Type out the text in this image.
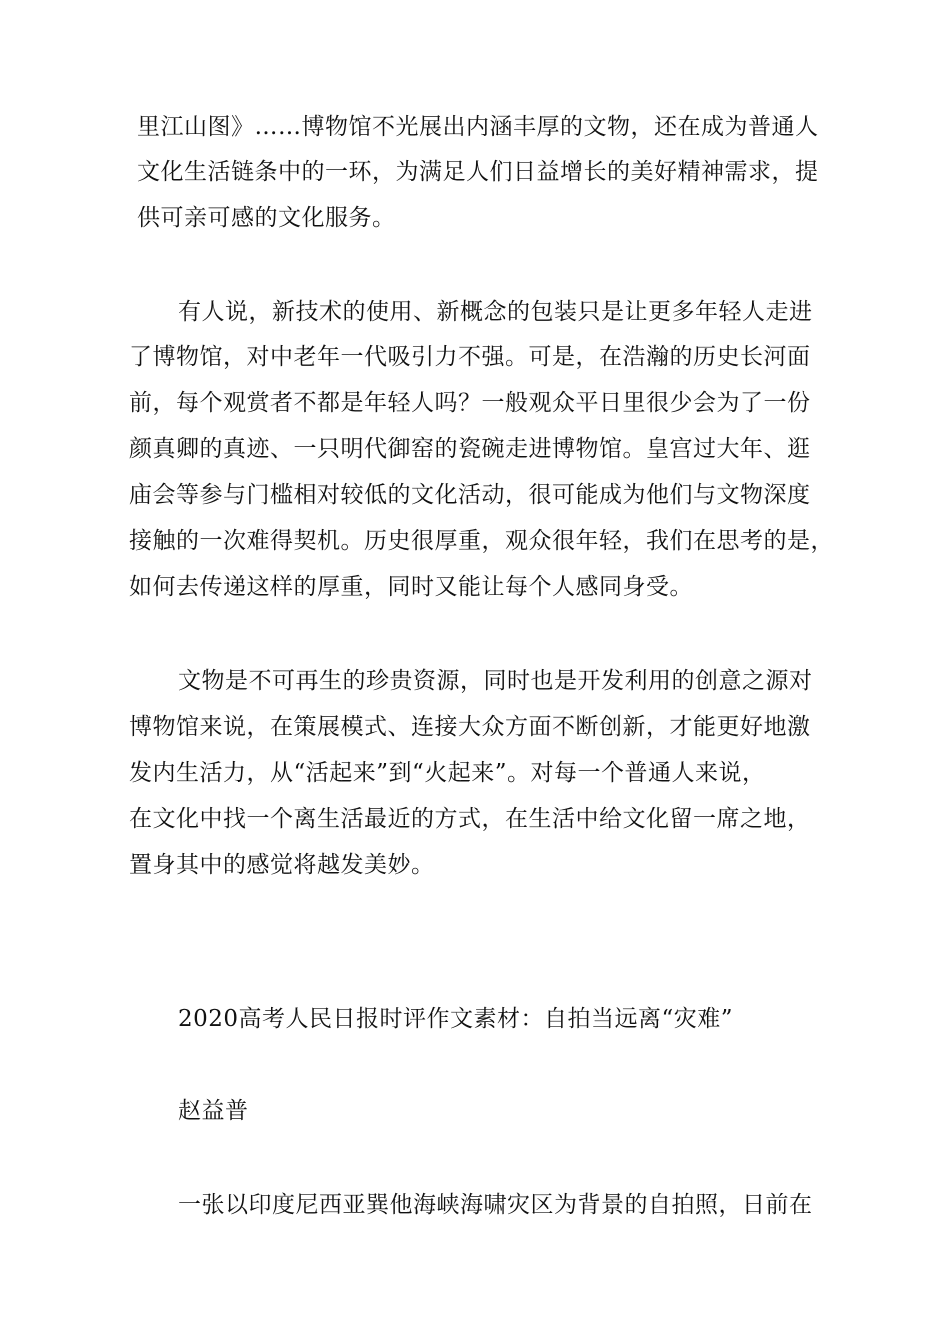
里江山图》……博物馆不光展出内涵丰厚的文物，还在成为普通人
文化生活链条中的一环，为满足人们日益增长的美好精神需求，提
供可亲可感的文化服务。
有人说，新技术的使用、新概念的包装只是让更多年轻人走进
了博物馆，对中老年一代吸引力不强。可是，在浩瀚的历史长河面
前，每个观赏者不都是年轻人吗？一般观众平日里很少会为了一份
颜真卿的真迹、一只明代御窑的瓷碗走进博物馆。皇宫过大年、逛
庙会等参与门槛相对较低的文化活动，很可能成为他们与文物深度
接触的一次难得契机。历史很厚重，观众很年轻，我们在思考的是，
如何去传递这样的厚重，同时又能让每个人感同身受。
文物是不可再生的珍贵资源，同时也是开发利用的创意之源对
博物馆来说，在策展模式、连接大众方面不断创新，才能更好地激
发内生活力，从“活起来”到“火起来”。对每一个普通人来说，
在文化中找一个离生活最近的方式，在生活中给文化留一席之地，
置身其中的感觉将越发美妙。
2020高考人民日报时评作文素材：自拍当远离“灾难”
赵益普
一张以印度尼西亚巽他海峡海啸灾区为背景的自拍照，日前在
